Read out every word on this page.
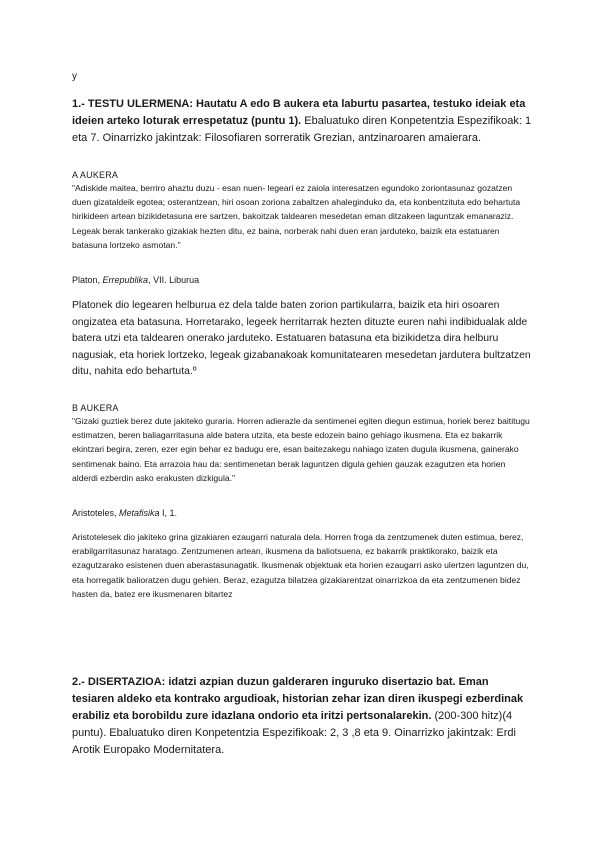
y

1.- TESTU ULERMENA: Hautatu A edo B aukera eta laburtu pasartea, testuko ideiak eta ideien arteko loturak errespetatuz (puntu 1). Ebaluatuko diren Konpetentzia Espezifikoak: 1 eta 7. Oinarrizko jakintzak: Filosofiaren sorreratik Grezian, antzinaroaren amaierara.

A AUKERA

"Adiskide maitea, berriro ahaztu duzu - esan nuen- legeari ez zaiola interesatzen egundoko zoriontasunaz gozatzen duen gizataldeik egotea; osterantzean, hiri osoan zoriona zabaltzen ahaleginduko da, eta konbentzituta edo behartuta hirikideen artean bizikidetasuna ere sartzen, bakoitzak taldearen mesedetan eman ditzakeen laguntzak emanaraziz. Legeak berak tankerako gizakiak hezten ditu, ez baina, norberak nahi duen eran jarduteko, baizik eta estatuaren batasuna lortzeko asmotan."

Platon, Errepublika, VII. Liburua

Platonek dio legearen helburua ez dela talde baten zorion partikularra, baizik eta hiri osoaren ongizatea eta batasuna. Horretarako, legeek herritarrak hezten dituzte euren nahi indibidualak alde batera utzi eta taldearen onerako jarduteko. Estatuaren batasuna eta bizikidetza dira helburu nagusiak, eta horiek lortzeko, legeak gizabanakoak komunitatearen mesedetan jardutera bultzatzen ditu, nahita edo behartuta.º

B AUKERA

"Gizaki guztiek berez dute jakiteko guraria. Horren adierazle da sentimenei egiten diegun estimua, horiek berez baititugu estimatzen, beren baliagarritasuna alde batera utzita, eta beste edozein baino gehiago ikusmena. Eta ez bakarrik ekintzari begira, zeren, ezer egin behar ez badugu ere, esan baitezakegu nahiago izaten dugula ikusmena, gainerako sentimenak baino. Eta arrazoia hau da: sentimenetan berak laguntzen digula gehien gauzak ezagutzen eta horien alderdi ezberdin asko erakusten dizkigula."

Aristoteles, Metafisika I, 1.

Aristotelesek dio jakiteko grina gizakiaren ezaugarri naturala dela. Horren froga da zentzumenek duten estimua, berez, erabilgarritasunaz haratago. Zentzumenen artean, ikusmena da baliotsuena, ez bakarrik praktikorako, baizik eta ezagutzarako esistenen duen aberastasunagatik. Ikusmenak objektuak eta horien ezaugarri asko ulertzen laguntzen du, eta horregatik balioratzen dugu gehien. Beraz, ezagutza bilatzea gizakiarentzat oinarrizkoa da eta zentzumenen bidez hasten da, batez ere ikusmenaren bitartez

2.- DISERTAZIOA: idatzi azpian duzun galderaren inguruko disertazio bat. Eman tesiaren aldeko eta kontrako argudioak, historian zehar izan diren ikuspegi ezberdinak erabiliz eta borobildu zure idazlana ondorio eta iritzi pertsonalarekin. (200-300 hitz)(4 puntu). Ebaluatuko diren Konpetentzia Espezifikoak: 2, 3 ,8 eta 9. Oinarrizko jakintzak: Erdi Arotik Europako Modernitatera.
